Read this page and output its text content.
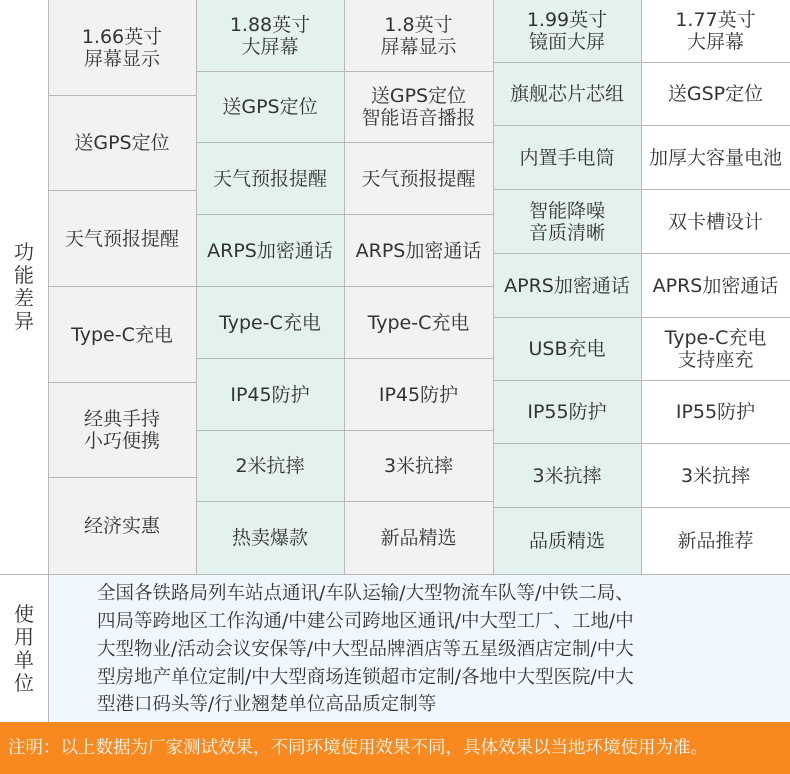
功
能
差
异
1.66英寸
屏幕显示
送GPS定位
天气预报提醒
Type-C充电
经典手持
小巧便携
经济实惠
1.88英寸
大屏幕
送GPS定位
天气预报提醒
ARPS加密通话
Type-C充电
IP45防护
2米抗摔
热卖爆款
1.8英寸
屏幕显示
送GPS定位
智能语音播报
天气预报提醒
ARPS加密通话
Type-C充电
IP45防护
3米抗摔
新品精选
1.99英寸
镜面大屏
旗舰芯片芯组
内置手电筒
智能降噪
音质清晰
APRS加密通话
USB充电
IP55防护
3米抗摔
品质精选
1.77英寸
大屏幕
送GSP定位
加厚大容量电池
双卡槽设计
APRS加密通话
Type-C充电
支持座充
IP55防护
3米抗摔
新品推荐
使
用
单
位
全国各铁路局列车站点通讯/车队运输/大型物流车队等/中铁二局、
四局等跨地区工作沟通/中建公司跨地区通讯/中大型工厂、工地/中
大型物业/活动会议安保等/中大型品牌酒店等五星级酒店定制/中大
型房地产单位定制/中大型商场连锁超市定制/各地中大型医院/中大
型港口码头等/行业翘楚单位高品质定制等
注明：以上数据为厂家测试效果，不同环境使用效果不同，具体效果以当地环境使用为准。
